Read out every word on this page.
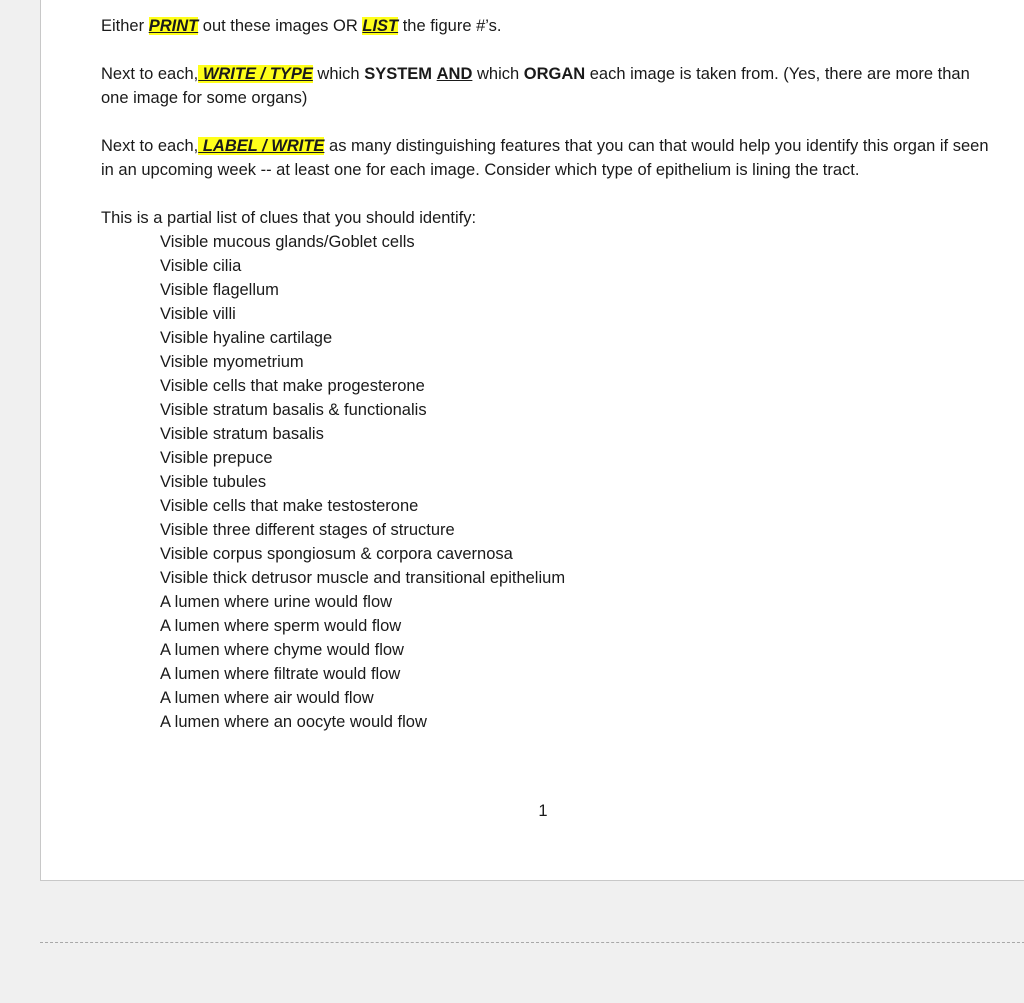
Either PRINT out these images OR LIST the figure #’s.

Next to each, WRITE / TYPE which SYSTEM AND which ORGAN each image is taken from. (Yes, there are more than one image for some organs)

Next to each, LABEL / WRITE as many distinguishing features that you can that would help you identify this organ if seen in an upcoming week -- at least one for each image. Consider which type of epithelium is lining the tract.

This is a partial list of clues that you should identify:

Visible mucous glands/Goblet cells
Visible cilia
Visible flagellum
Visible villi
Visible hyaline cartilage
Visible myometrium
Visible cells that make progesterone
Visible stratum basalis & functionalis
Visible stratum basalis
Visible prepuce
Visible tubules
Visible cells that make testosterone
Visible three different stages of structure
Visible corpus spongiosum & corpora cavernosa
Visible thick detrusor muscle and transitional epithelium
A lumen where urine would flow
A lumen where sperm would flow
A lumen where chyme would flow
A lumen where filtrate would flow
A lumen where air would flow
A lumen where an oocyte would flow
1
